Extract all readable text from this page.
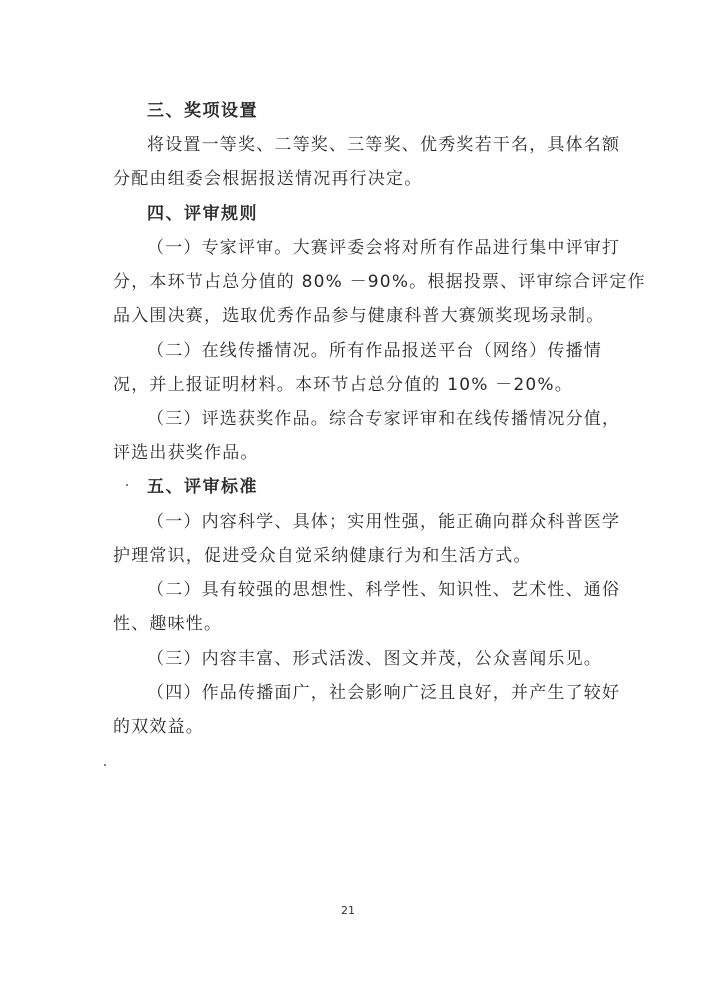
三、奖项设置
将设置一等奖、二等奖、三等奖、优秀奖若干名，具体名额
分配由组委会根据报送情况再行决定。
四、评审规则
（一）专家评审。大赛评委会将对所有作品进行集中评审打
分，本环节占总分值的 80% －90%。根据投票、评审综合评定作
品入围决赛，选取优秀作品参与健康科普大赛颁奖现场录制。
（二）在线传播情况。所有作品报送平台（网络）传播情
况，并上报证明材料。本环节占总分值的 10% －20%。
（三）评选获奖作品。综合专家评审和在线传播情况分值，
评选出获奖作品。
五、评审标准
（一）内容科学、具体；实用性强，能正确向群众科普医学
护理常识，促进受众自觉采纳健康行为和生活方式。
（二）具有较强的思想性、科学性、知识性、艺术性、通俗
性、趣味性。
（三）内容丰富、形式活泼、图文并茂，公众喜闻乐见。
（四）作品传播面广，社会影响广泛且良好，并产生了较好
的双效益。
21
